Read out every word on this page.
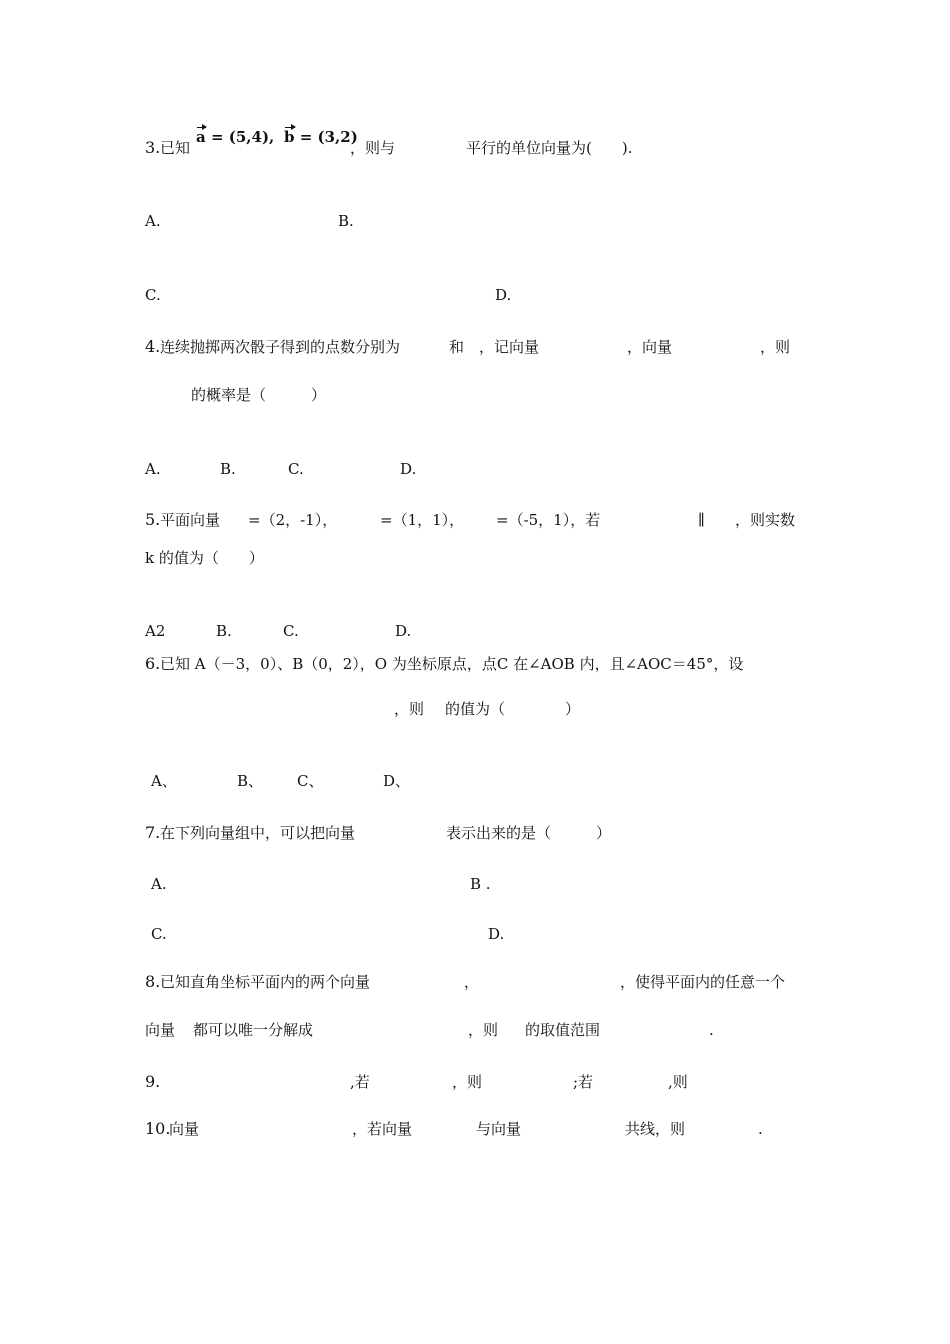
3. 已知
a = (5,4), b = (3,2)
，则与	平行的单位向量为(　　).
A.	B.
C.	D.
4. 连续抛掷两次骰子得到的点数分别为	和 ，记向量	，向量	，则
的概率是（　　　）
A.	B.	C.	D.
5. 平面向量 =（2，-1），	=（1，1）， =（-5，1），若	∥ ，则实数
k 的值为（　　）
A2	B.	C.	D.
6. 已知 A（－3，0）、B（0，2），O 为坐标原点，点C 在∠AOB 内，且∠AOC＝45°，设
，则 的值为（　　　　）
A、	B、 C、	D、
7. 在下列向量组中，可以把向量	表示出来的是（　　　）
A.	B .
C.	D.
8. 已知直角坐标平面内的两个向量	，	，使得平面内的任意一个
向量 都可以唯一分解成	，则 的取值范围	.
9.	,若	，则	;若	,则
10.
向量	，若向量	与向量	共线，则	.
